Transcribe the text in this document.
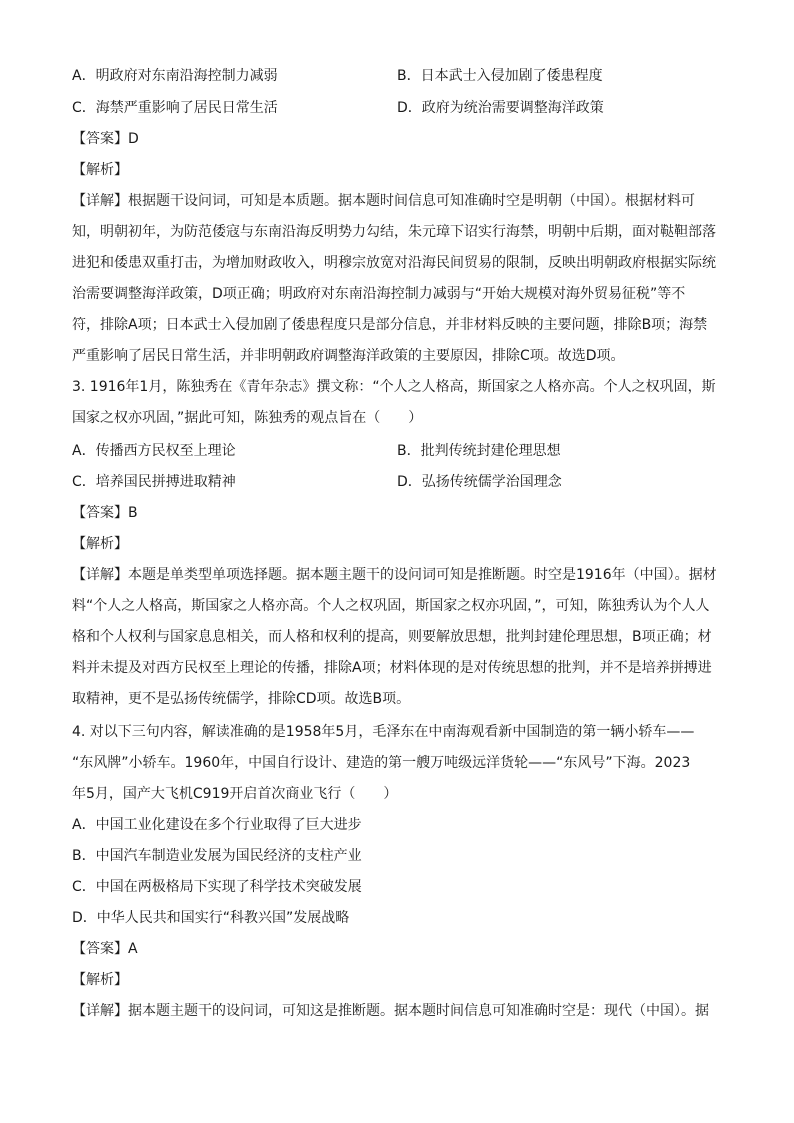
A．明政府对东南沿海控制力减弱	B．日本武士入侵加剧了倭患程度
C．海禁严重影响了居民日常生活	D．政府为统治需要调整海洋政策
【答案】D
【解析】
【详解】根据题干设问词，可知是本质题。据本题时间信息可知准确时空是明朝（中国）。根据材料可
知，明朝初年，为防范倭寇与东南沿海反明势力勾结，朱元璋下诏实行海禁，明朝中后期，面对鞑靼部落
进犯和倭患双重打击，为增加财政收入，明穆宗放宽对沿海民间贸易的限制，反映出明朝政府根据实际统
治需要调整海洋政策，D项正确；明政府对东南沿海控制力减弱与“开始大规模对海外贸易征税”等不
符，排除A项；日本武士入侵加剧了倭患程度只是部分信息，并非材料反映的主要问题，排除B项；海禁
严重影响了居民日常生活，并非明朝政府调整海洋政策的主要原因，排除C项。故选D项。
3. 1916年1月，陈独秀在《青年杂志》撰文称：“个人之人格高，斯国家之人格亦高。个人之权巩固，斯
国家之权亦巩固，”据此可知，陈独秀的观点旨在（　　）
A．传播西方民权至上理论	B．批判传统封建伦理思想
C．培养国民拼搏进取精神	D．弘扬传统儒学治国理念
【答案】B
【解析】
【详解】本题是单类型单项选择题。据本题主题干的设问词可知是推断题。时空是1916年（中国）。据材
料“个人之人格高，斯国家之人格亦高。个人之权巩固，斯国家之权亦巩固，”，可知，陈独秀认为个人人
格和个人权利与国家息息相关，而人格和权利的提高，则要解放思想，批判封建伦理思想，B项正确；材
料并未提及对西方民权至上理论的传播，排除A项；材料体现的是对传统思想的批判，并不是培养拼搏进
取精神，更不是弘扬传统儒学，排除CD项。故选B项。
4. 对以下三句内容，解读准确的是1958年5月，毛泽东在中南海观看新中国制造的第一辆小轿车——
“东风牌”小轿车。1960年，中国自行设计、建造的第一艘万吨级远洋货轮——“东风号”下海。2023
年5月，国产大飞机C919开启首次商业飞行（　　）
A．中国工业化建设在多个行业取得了巨大进步
B．中国汽车制造业发展为国民经济的支柱产业
C．中国在两极格局下实现了科学技术突破发展
D．中华人民共和国实行“科教兴国”发展战略
【答案】A
【解析】
【详解】据本题主题干的设问词，可知这是推断题。据本题时间信息可知准确时空是：现代（中国）。据
